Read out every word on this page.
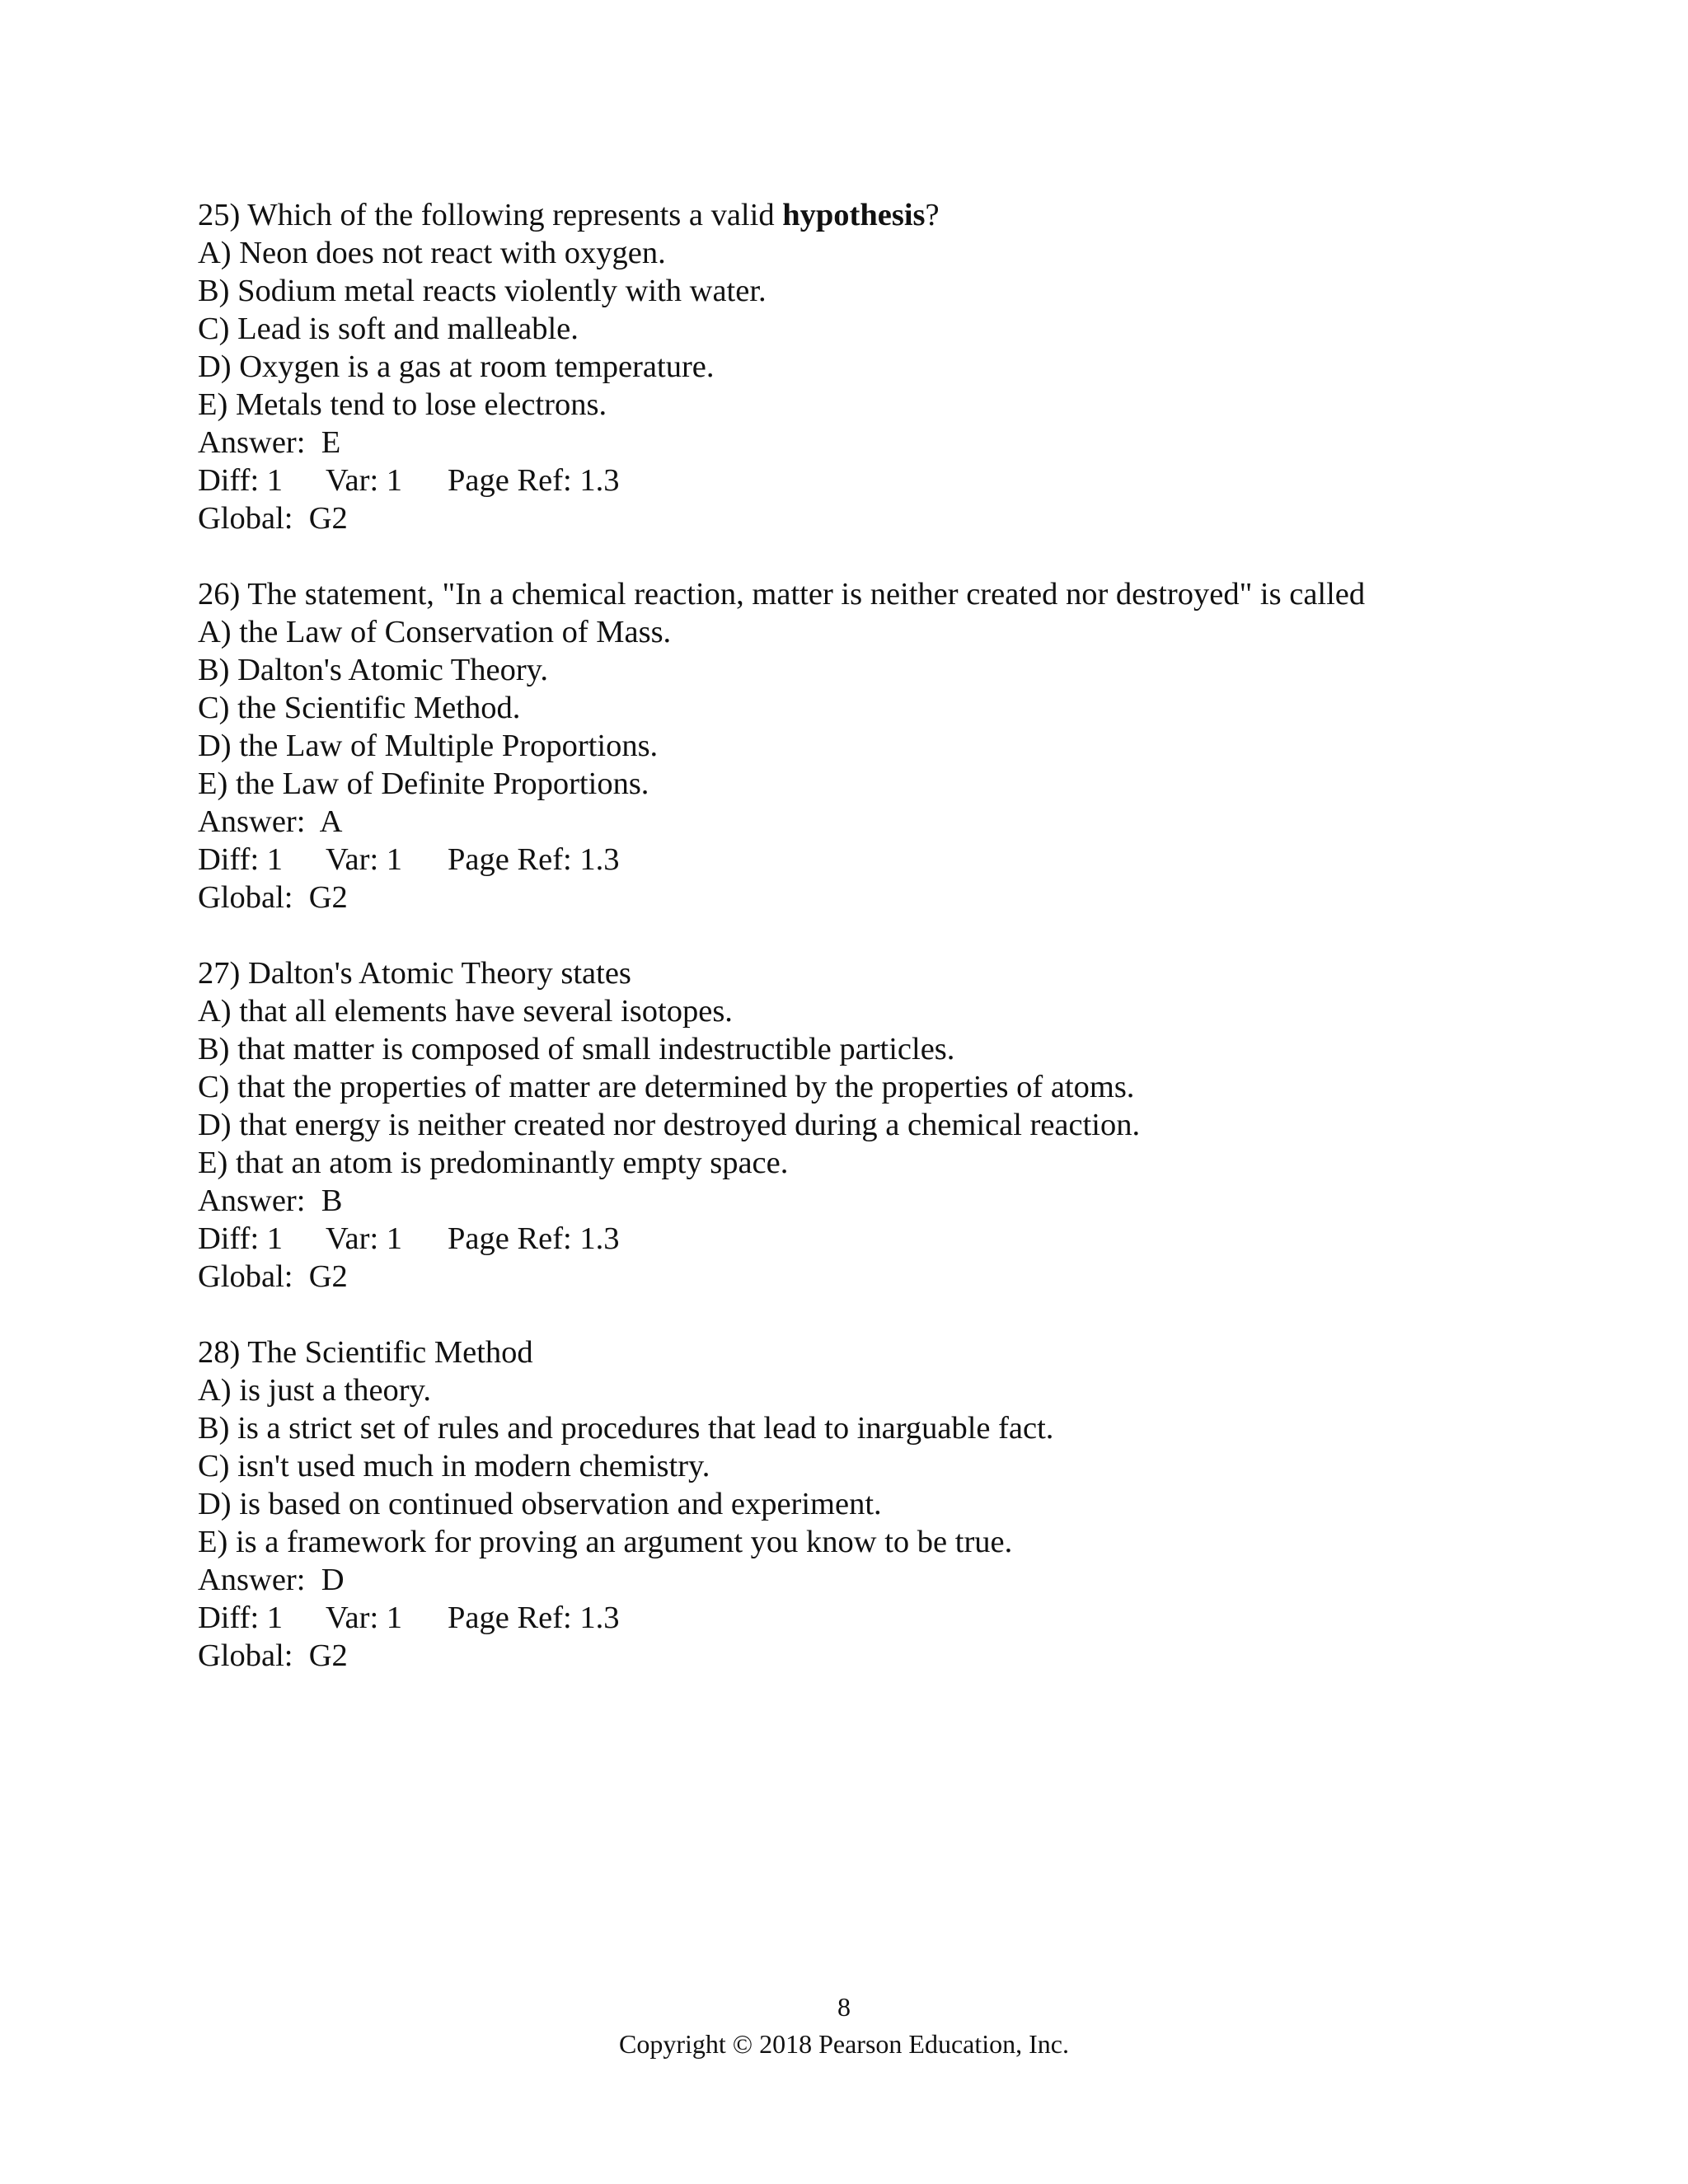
25) Which of the following represents a valid hypothesis?
A) Neon does not react with oxygen.
B) Sodium metal reacts violently with water.
C) Lead is soft and malleable.
D) Oxygen is a gas at room temperature.
E) Metals tend to lose electrons.
Answer:  E
Diff: 1 Var: 1 Page Ref: 1.3
Global:  G2
26) The statement, "In a chemical reaction, matter is neither created nor destroyed" is called
A) the Law of Conservation of Mass.
B) Dalton's Atomic Theory.
C) the Scientific Method.
D) the Law of Multiple Proportions.
E) the Law of Definite Proportions.
Answer:  A
Diff: 1 Var: 1 Page Ref: 1.3
Global:  G2
27) Dalton's Atomic Theory states
A) that all elements have several isotopes.
B) that matter is composed of small indestructible particles.
C) that the properties of matter are determined by the properties of atoms.
D) that energy is neither created nor destroyed during a chemical reaction.
E) that an atom is predominantly empty space.
Answer:  B
Diff: 1 Var: 1 Page Ref: 1.3
Global:  G2
28) The Scientific Method
A) is just a theory.
B) is a strict set of rules and procedures that lead to inarguable fact.
C) isn't used much in modern chemistry.
D) is based on continued observation and experiment.
E) is a framework for proving an argument you know to be true.
Answer:  D
Diff: 1 Var: 1 Page Ref: 1.3
Global:  G2
8
Copyright © 2018 Pearson Education, Inc.
